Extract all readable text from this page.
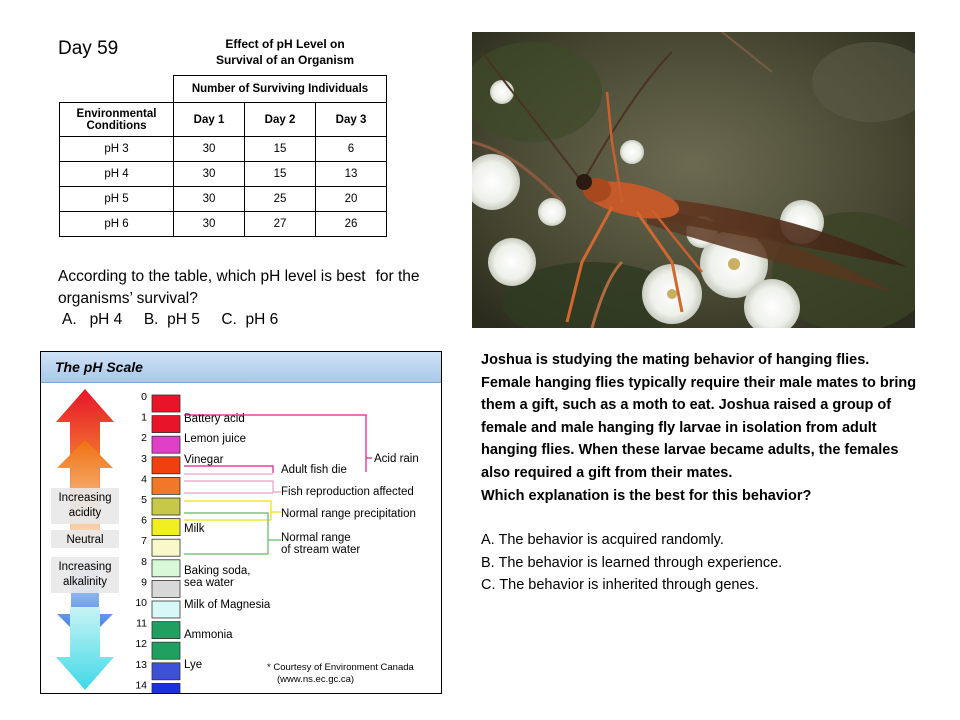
Day 59	Effect of pH Level on
Survival of an Organism
	Number of Surviving Individuals		

Environmental
Conditions	Day 1	Day 2	Day 3
pH 3	30	15	6
pH 4	30	15	13
pH 5	30	25	20
pH 6	30	27	26
According to the table, which pH level is best for the organisms’ survival?
A.   pH 4     B.  pH 5     C.  pH 6
The pH Scale
Increasing
acidity
Neutral
Increasing
alkalinity
0
1
2
3
4
5
6
7
8
9
10
11
12
13
14
Battery acid
Lemon juice
Vinegar
Milk
Baking soda,
sea water
Milk of Magnesia
Ammonia
Lye
Acid rain
Adult fish die
Fish reproduction affected
Normal range precipitation
Normal range
of stream water
* Courtesy of Environment Canada
(www.ns.ec.gc.ca)
Joshua is studying the mating behavior of hanging flies. Female hanging flies typically require their male mates to bring them a gift, such as a moth to eat. Joshua raised a group of female and male hanging fly larvae in isolation from adult hanging flies. When these larvae became adults, the females also required a gift from their mates.
Which explanation is the best for this behavior?
A. The behavior is acquired randomly.
B. The behavior is learned through experience.
C. The behavior is inherited through genes.
